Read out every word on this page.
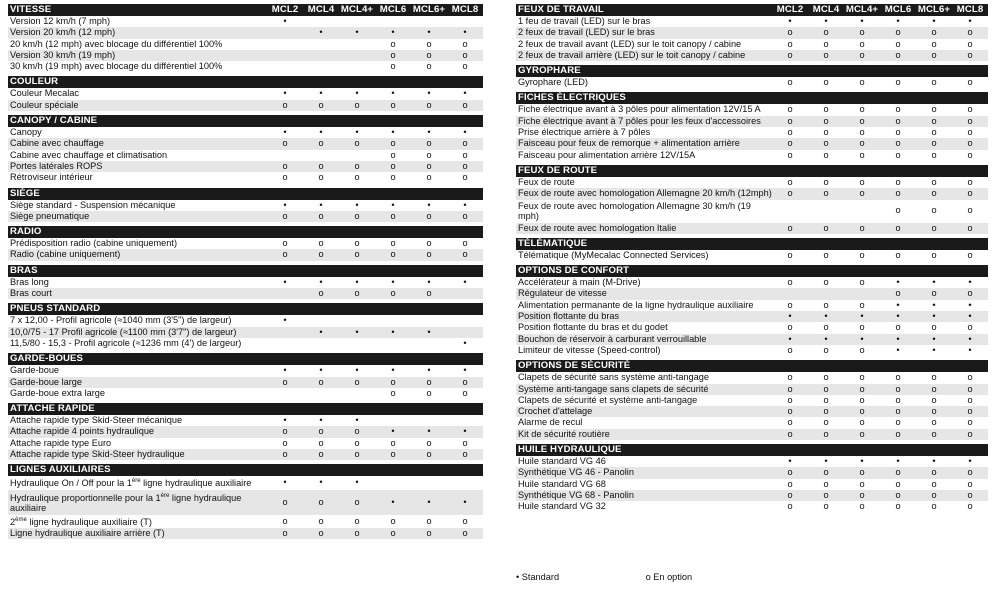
VITESSE	MCL2	MCL4	MCL4+	MCL6	MCL6+	MCL8
Version 12 km/h (7 mph)	•					
Version 20 km/h (12 mph)		•	•	•	•	•
20 km/h (12 mph) avec blocage du différentiel 100%				o	o	o
Version 30 km/h (19 mph)				o	o	o
30 km/h (19 mph) avec blocage du différentiel 100%				o	o	o

COULEUR						
Couleur Mecalac	•	•	•	•	•	•
Couleur spéciale	o	o	o	o	o	o

CANOPY / CABINE						
Canopy	•	•	•	•	•	•
Cabine avec chauffage	o	o	o	o	o	o
Cabine avec chauffage et climatisation				o	o	o
Portes latérales ROPS	o	o	o	o	o	o
Rétroviseur intérieur	o	o	o	o	o	o

SIÈGE						
Siège standard - Suspension mécanique	•	•	•	•	•	•
Siège pneumatique	o	o	o	o	o	o

RADIO						
Prédisposition radio (cabine uniquement)	o	o	o	o	o	o
Radio (cabine uniquement)	o	o	o	o	o	o

BRAS						
Bras long	•	•	•	•	•	•
Bras court		o	o	o	o	

PNEUS STANDARD						
7 x 12,00 - Profil agricole (≈1040 mm (3'5") de largeur)	•					
10,0/75 - 17 Profil agricole (≈1100 mm (3'7") de largeur)		•	•	•	•	
11,5/80 - 15,3 - Profil agricole (≈1236 mm (4') de largeur)						•

GARDE-BOUES						
Garde-boue	•	•	•	•	•	•
Garde-boue large	o	o	o	o	o	o
Garde-boue extra large				o	o	o

ATTACHE RAPIDE						
Attache rapide type Skid-Steer mécanique	•	•	•			
Attache rapide 4 points hydraulique	o	o	o	•	•	•
Attache rapide type Euro	o	o	o	o	o	o
Attache rapide type Skid-Steer hydraulique	o	o	o	o	o	o

LIGNES AUXILIAIRES						
Hydraulique On / Off pour la 1ère ligne hydraulique auxiliaire	•	•	•			
Hydraulique proportionnelle pour la 1ère ligne hydraulique auxiliaire	o	o	o	•	•	•
2ème ligne hydraulique auxiliaire (T)	o	o	o	o	o	o
Ligne hydraulique auxiliaire arrière (T)	o	o	o	o	o	o
FEUX DE TRAVAIL	MCL2	MCL4	MCL4+	MCL6	MCL6+	MCL8
1 feu de travail (LED) sur le bras	•	•	•	•	•	•
2 feux de travail (LED) sur le bras	o	o	o	o	o	o
2 feux de travail avant (LED) sur le toit canopy / cabine	o	o	o	o	o	o
2 feux de travail arrière (LED) sur le toit canopy / cabine	o	o	o	o	o	o

GYROPHARE						
Gyrophare (LED)	o	o	o	o	o	o

FICHES ÉLECTRIQUES						
Fiche électrique avant à 3 pôles pour alimentation 12V/15 A	o	o	o	o	o	o
Fiche électrique avant à 7 pôles pour les feux d'accessoires	o	o	o	o	o	o
Prise électrique arrière à 7 pôles	o	o	o	o	o	o
Faisceau pour feux de remorque + alimentation arrière	o	o	o	o	o	o
Faisceau pour alimentation arrière 12V/15A	o	o	o	o	o	o

FEUX DE ROUTE						
Feux de route	o	o	o	o	o	o
Feux de route avec homologation Allemagne 20 km/h (12mph)	o	o	o	o	o	o
Feux de route avec homologation Allemagne 30 km/h (19 mph)				o	o	o
Feux de route avec homologation Italie	o	o	o	o	o	o

TÉLÉMATIQUE						
Télématique (MyMecalac Connected Services)	o	o	o	o	o	o

OPTIONS DE CONFORT						
Accélérateur à main (M-Drive)	o	o	o	•	•	•
Régulateur de vitesse				o	o	o
Alimentation permanante de la ligne hydraulique auxiliaire	o	o	o	•	•	•
Position flottante du bras	•	•	•	•	•	•
Position flottante du bras et du godet	o	o	o	o	o	o
Bouchon de réservoir à carburant verrouillable	•	•	•	•	•	•
Limiteur de vitesse (Speed-control)	o	o	o	•	•	•

OPTIONS DE SÉCURITÉ						
Clapets de sécurité sans système anti-tangage	o	o	o	o	o	o
Système anti-tangage sans clapets de sécurité	o	o	o	o	o	o
Clapets de sécurité et système anti-tangage	o	o	o	o	o	o
Crochet d'attelage	o	o	o	o	o	o
Alarme de recul	o	o	o	o	o	o
Kit de sécurité routière	o	o	o	o	o	o

HUILE HYDRAULIQUE						
Huile standard VG 46	•	•	•	•	•	•
Synthétique VG 46 - Panolin	o	o	o	o	o	o
Huile standard VG 68	o	o	o	o	o	o
Synthétique VG 68 - Panolin	o	o	o	o	o	o
Huile standard VG 32	o	o	o	o	o	o
• Standard	o En option
